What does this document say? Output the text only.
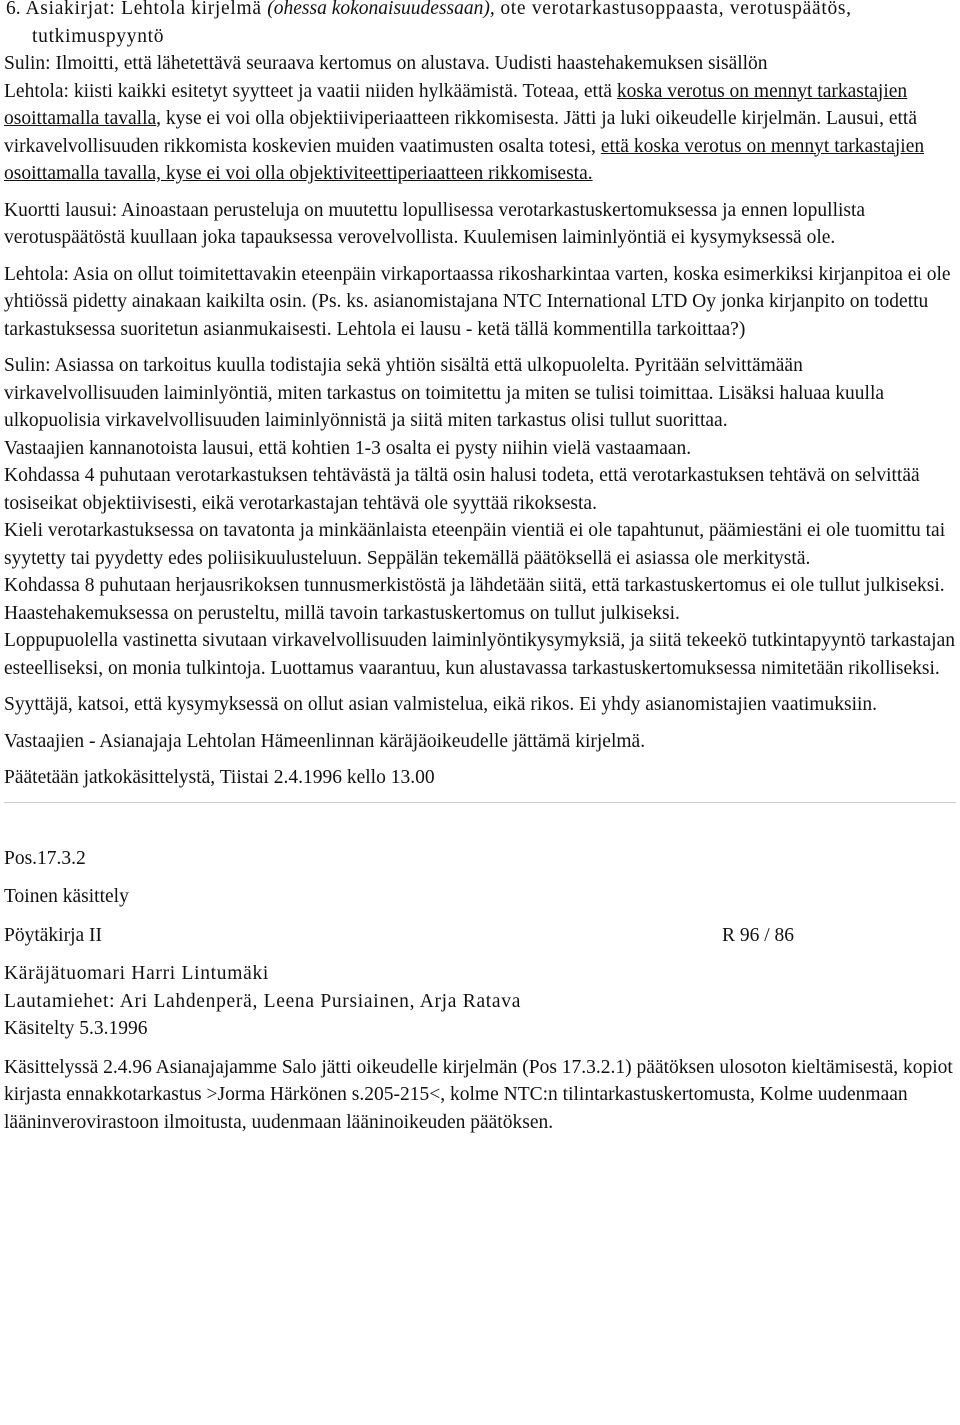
6. Asiakirjat: Lehtola kirjelmä (ohessa kokonaisuudessaan), ote verotarkastusoppaasta, verotuspäätös, tutkimuspyyntö

Sulin: Ilmoitti, että lähetettävä seuraava kertomus on alustava. Uudisti haastehakemuksen sisällön

Lehtola: kiisti kaikki esitetyt syytteet ja vaatii niiden hylkäämistä. Toteaa, että koska verotus on mennyt tarkastajien osoittamalla tavalla, kyse ei voi olla objektiiviperiaatteen rikkomisesta. Jätti ja luki oikeudelle kirjelmän. Lausui, että virkavelvollisuuden rikkomista koskevien muiden vaatimusten osalta totesi, että koska verotus on mennyt tarkastajien osoittamalla tavalla, kyse ei voi olla objektiviteettiperiaatteen rikkomisesta.

Kuortti lausui: Ainoastaan perusteluja on muutettu lopullisessa verotarkastuskertomuksessa ja ennen lopullista verotuspäätöstä kuullaan joka tapauksessa verovelvollista. Kuulemisen laiminlyöntiä ei kysymyksessä ole.

Lehtola: Asia on ollut toimitettavakin eteenpäin virkaportaassa rikosharkintaa varten, koska esimerkiksi kirjanpitoa ei ole yhtiössä pidetty ainakaan kaikilta osin. (Ps. ks. asianomistajana NTC International LTD Oy jonka kirjanpito on todettu tarkastuksessa suoritetun asianmukaisesti. Lehtola ei lausu - ketä tällä kommentilla tarkoittaa?)

Sulin: Asiassa on tarkoitus kuulla todistajia sekä yhtiön sisältä että ulkopuolelta. Pyritään selvittämään virkavelvollisuuden laiminlyöntiä, miten tarkastus on toimitettu ja miten se tulisi toimittaa. Lisäksi haluaa kuulla ulkopuolisia virkavelvollisuuden laiminlyönnistä ja siitä miten tarkastus olisi tullut suorittaa.

Vastaajien kannanotoista lausui, että kohtien 1-3 osalta ei pysty niihin vielä vastaamaan.

Kohdassa 4 puhutaan verotarkastuksen tehtävästä ja tältä osin halusi todeta, että verotarkastuksen tehtävä on selvittää tosiseikat objektiivisesti, eikä verotarkastajan tehtävä ole syyttää rikoksesta.

Kieli verotarkastuksessa on tavatonta ja minkäänlaista eteenpäin vientiä ei ole tapahtunut, päämiestäni ei ole tuomittu tai syytetty tai pyydetty edes poliisikuulusteluun. Seppälän tekemällä päätöksellä ei asiassa ole merkitystä.

Kohdassa 8 puhutaan herjausrikoksen tunnusmerkistöstä ja lähdetään siitä, että tarkastuskertomus ei ole tullut julkiseksi. Haastehakemuksessa on perusteltu, millä tavoin tarkastuskertomus on tullut julkiseksi.

Loppupuolella vastinetta sivutaan virkavelvollisuuden laiminlyöntikysymyksiä, ja siitä tekeekö tutkintapyyntö tarkastajan esteelliseksi, on monia tulkintoja. Luottamus vaarantuu, kun alustavassa tarkastuskertomuksessa nimitetään rikolliseksi.

Syyttäjä, katsoi, että kysymyksessä on ollut asian valmistelua, eikä rikos. Ei yhdy asianomistajien vaatimuksiin.

Vastaajien - Asianajaja Lehtolan Hämeenlinnan käräjäoikeudelle jättämä kirjelmä.

Päätetään jatkokäsittelystä, Tiistai 2.4.1996 kello 13.00

Pos.17.3.2

Toinen käsittely

Pöytäkirja II	R 96 / 86

Käräjätuomari Harri Lintumäki

Lautamiehet: Ari Lahdenperä, Leena Pursiainen, Arja Ratava

Käsitelty 5.3.1996

Käsittelyssä 2.4.96 Asianajajamme Salo jätti oikeudelle kirjelmän (Pos 17.3.2.1) päätöksen ulosoton kieltämisestä, kopiot kirjasta ennakkotarkastus >Jorma Härkönen s.205-215<, kolme NTC:n tilintarkastuskertomusta, Kolme uudenmaan lääninverovirastoon ilmoitusta, uudenmaan lääninoikeuden päätöksen.
